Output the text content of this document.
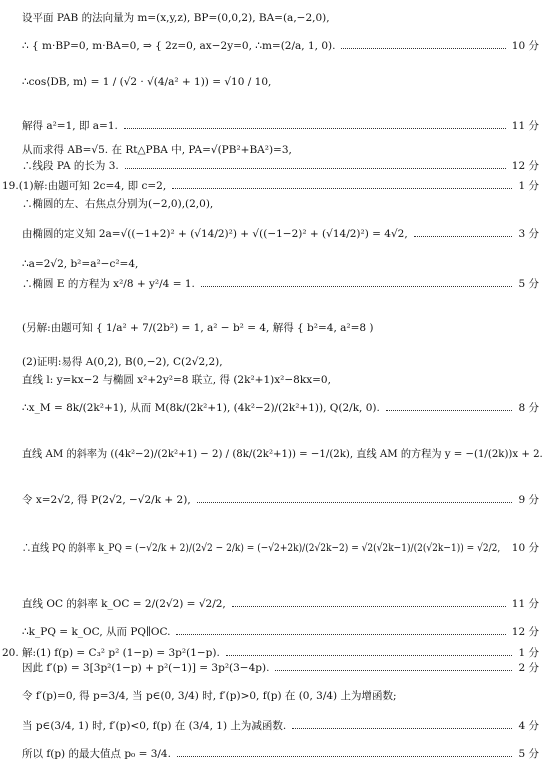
设平面 PAB 的法向量为 m=(x,y,z), BP=(0,0,2), BA=(a,−2,0),
∴ { m·BP=0, m·BA=0, ⇒ { 2z=0, ax−2y=0, ∴m=(2/a, 1, 0).	10 分
∴cos⟨DB, m⟩ = 1 / (√2 · √(4/a² + 1)) = √10 / 10,
解得 a²=1, 即 a=1.	11 分
从而求得 AB=√5. 在 Rt△PBA 中, PA=√(PB²+BA²)=3,
∴线段 PA 的长为 3.	12 分
19.(1)解:由题可知 2c=4, 即 c=2,	1 分
∴椭圆的左、右焦点分别为(−2,0),(2,0),
由椭圆的定义知 2a=√((−1+2)² + (√14/2)²) + √((−1−2)² + (√14/2)²) = 4√2,	3 分
∴a=2√2, b²=a²−c²=4,
∴椭圆 E 的方程为 x²/8 + y²/4 = 1.	5 分
(另解:由题可知 { 1/a² + 7/(2b²) = 1, a² − b² = 4, 解得 { b²=4, a²=8 )
(2)证明:易得 A(0,2), B(0,−2), C(2√2,2),
直线 l: y=kx−2 与椭圆 x²+2y²=8 联立, 得 (2k²+1)x²−8kx=0,
∴x_M = 8k/(2k²+1), 从而 M(8k/(2k²+1), (4k²−2)/(2k²+1)), Q(2/k, 0).	8 分
直线 AM 的斜率为 ((4k²−2)/(2k²+1) − 2) / (8k/(2k²+1)) = −1/(2k), 直线 AM 的方程为 y = −(1/(2k))x + 2.
令 x=2√2, 得 P(2√2, −√2/k + 2),	9 分
∴直线 PQ 的斜率 k_PQ = (−√2/k + 2)/(2√2 − 2/k) = (−√2+2k)/(2√2k−2) = √2(√2k−1)/(2(√2k−1)) = √2/2, 10 分
直线 OC 的斜率 k_OC = 2/(2√2) = √2/2,	11 分
∴k_PQ = k_OC, 从而 PQ∥OC.	12 分
20. 解:(1) f(p) = C₃² p² (1−p) = 3p²(1−p).	1 分
因此 f′(p) = 3[3p²(1−p) + p²(−1)] = 3p²(3−4p).	2 分
令 f′(p)=0, 得 p=3/4, 当 p∈(0, 3/4) 时, f′(p)>0, f(p) 在 (0, 3/4) 上为增函数;
当 p∈(3/4, 1) 时, f′(p)<0, f(p) 在 (3/4, 1) 上为减函数.	4 分
所以 f(p) 的最大值点 p₀ = 3/4.	5 分
